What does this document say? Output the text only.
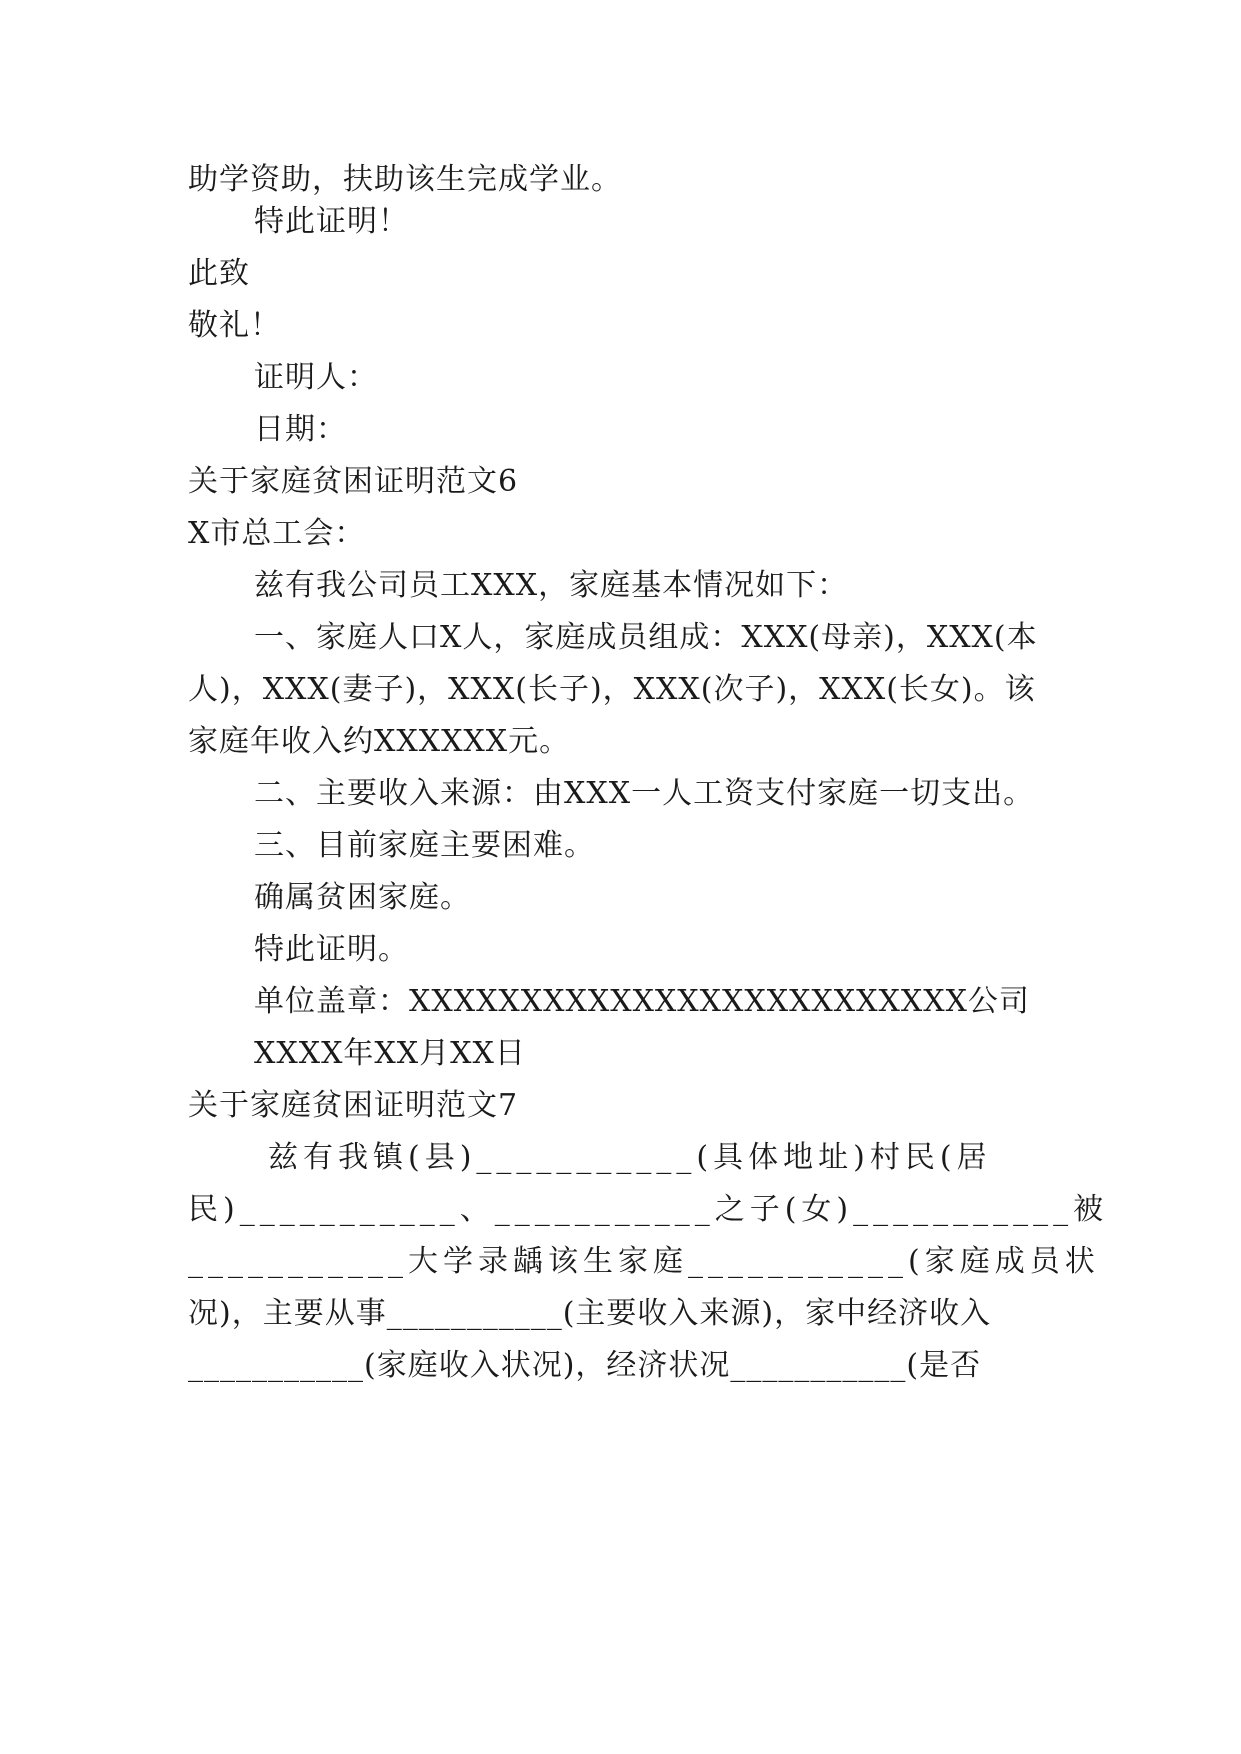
助学资助，扶助该生完成学业。
特此证明！
此致
敬礼！
证明人：
日期：
关于家庭贫困证明范文6
X市总工会：
兹有我公司员工XXX，家庭基本情况如下：
一、家庭人口X人，家庭成员组成：XXX(母亲)，XXX(本
人)，XXX(妻子)，XXX(长子)，XXX(次子)，XXX(长女)。该
家庭年收入约XXXXXX元。
二、主要收入来源：由XXX一人工资支付家庭一切支出。
三、目前家庭主要困难。
确属贫困家庭。
特此证明。
单位盖章：XXXXXXXXXXXXXXXXXXXXXXXXX公司
XXXX年XX月XX日
关于家庭贫困证明范文7
兹有我镇(县)___________(具体地址)村民(居
民)___________、___________之子(女)___________被
___________大学录龋该生家庭___________(家庭成员状
况)，主要从事___________(主要收入来源)，家中经济收入
___________(家庭收入状况)，经济状况___________(是否
